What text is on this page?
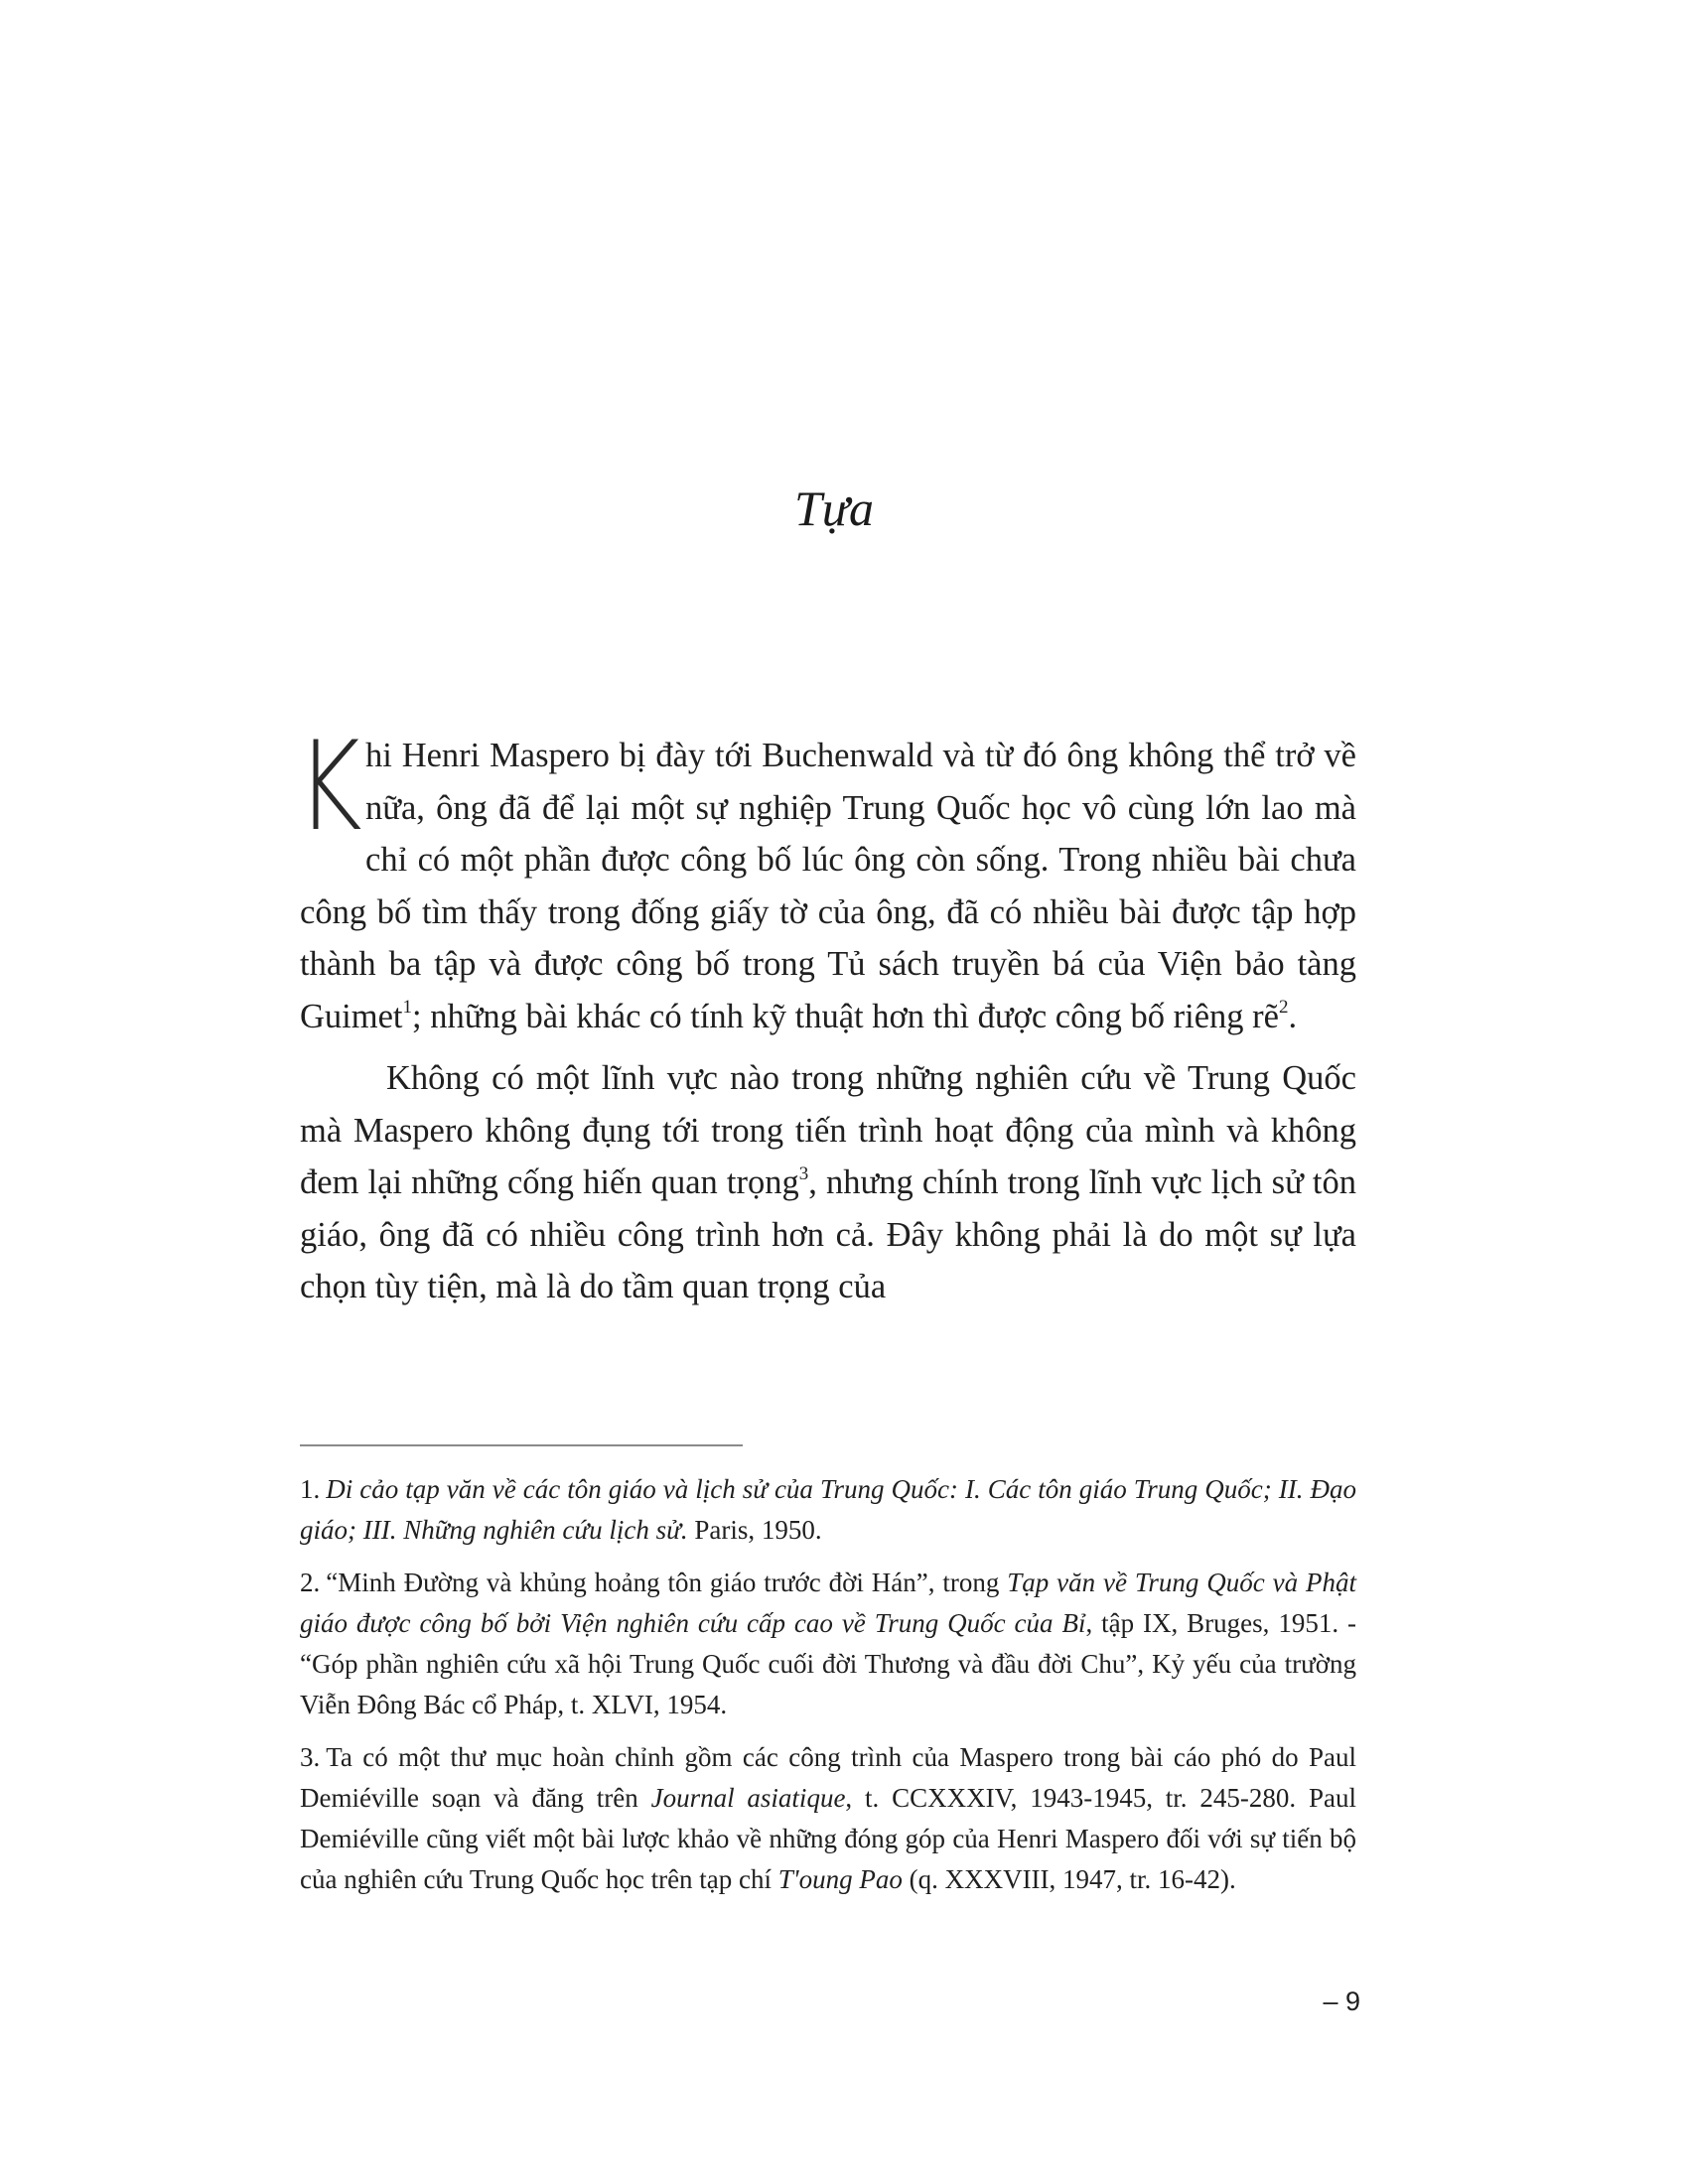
Tựa

Khi Henri Maspero bị đày tới Buchenwald và từ đó ông không thể trở về nữa, ông đã để lại một sự nghiệp Trung Quốc học vô cùng lớn lao mà chỉ có một phần được công bố lúc ông còn sống. Trong nhiều bài chưa công bố tìm thấy trong đống giấy tờ của ông, đã có nhiều bài được tập hợp thành ba tập và được công bố trong Tủ sách truyền bá của Viện bảo tàng Guimet$^1$; những bài khác có tính kỹ thuật hơn thì được công bố riêng rẽ$^2$.

Không có một lĩnh vực nào trong những nghiên cứu về Trung Quốc mà Maspero không đụng tới trong tiến trình hoạt động của mình và không đem lại những cống hiến quan trọng$^3$, nhưng chính trong lĩnh vực lịch sử tôn giáo, ông đã có nhiều công trình hơn cả. Đây không phải là do một sự lựa chọn tùy tiện, mà là do tầm quan trọng của

1. Di cảo tạp văn về các tôn giáo và lịch sử của Trung Quốc: I. Các tôn giáo Trung Quốc; II. Đạo giáo; III. Những nghiên cứu lịch sử. Paris, 1950.

2. “Minh Đường và khủng hoảng tôn giáo trước đời Hán”, trong Tạp văn về Trung Quốc và Phật giáo được công bố bởi Viện nghiên cứu cấp cao về Trung Quốc của Bỉ, tập IX, Bruges, 1951. - “Góp phần nghiên cứu xã hội Trung Quốc cuối đời Thương và đầu đời Chu”, Kỷ yếu của trường Viễn Đông Bác cổ Pháp, t. XLVI, 1954.

3. Ta có một thư mục hoàn chỉnh gồm các công trình của Maspero trong bài cáo phó do Paul Demiéville soạn và đăng trên Journal asiatique, t. CCXXXIV, 1943-1945, tr. 245-280. Paul Demiéville cũng viết một bài lược khảo về những đóng góp của Henri Maspero đối với sự tiến bộ của nghiên cứu Trung Quốc học trên tạp chí T'oung Pao (q. XXXVIII, 1947, tr. 16-42).

– 9
